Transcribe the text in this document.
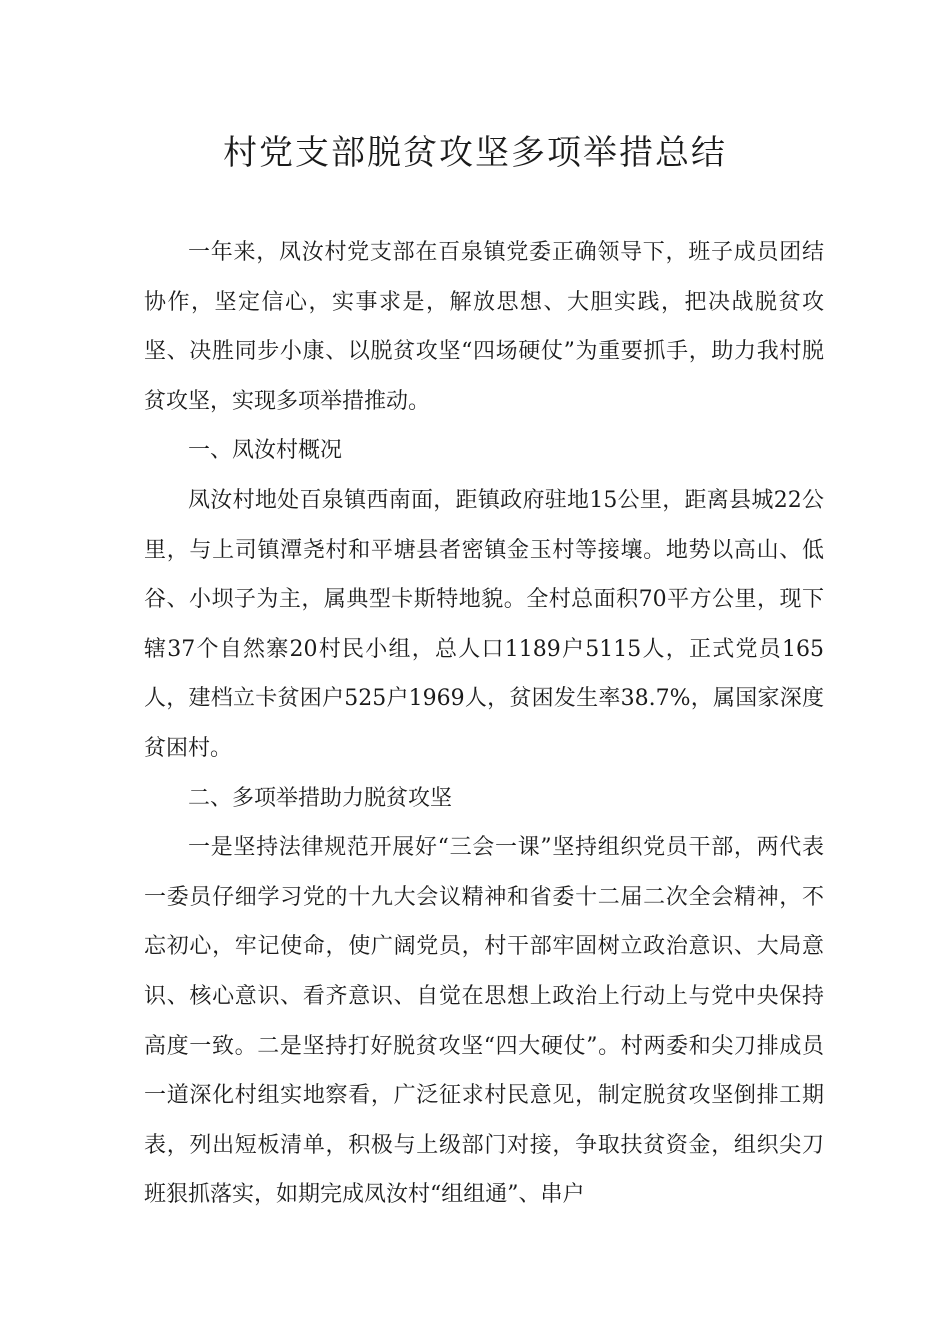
村党支部脱贫攻坚多项举措总结

一年来，凤汝村党支部在百泉镇党委正确领导下，班子成员团结协作，坚定信心，实事求是，解放思想、大胆实践，把决战脱贫攻坚、决胜同步小康、以脱贫攻坚“四场硬仗”为重要抓手，助力我村脱贫攻坚，实现多项举措推动。

一、凤汝村概况

凤汝村地处百泉镇西南面，距镇政府驻地15公里，距离县城22公里，与上司镇潭尧村和平塘县者密镇金玉村等接壤。地势以高山、低谷、小坝子为主，属典型卡斯特地貌。全村总面积70平方公里，现下辖37个自然寨20村民小组，总人口1189户5115人，正式党员165人，建档立卡贫困户525户1969人，贫困发生率38.7%，属国家深度贫困村。

二、多项举措助力脱贫攻坚

一是坚持法律规范开展好“三会一课”坚持组织党员干部，两代表一委员仔细学习党的十九大会议精神和省委十二届二次全会精神，不忘初心，牢记使命，使广阔党员，村干部牢固树立政治意识、大局意识、核心意识、看齐意识、自觉在思想上政治上行动上与党中央保持高度一致。二是坚持打好脱贫攻坚“四大硬仗”。村两委和尖刀排成员一道深化村组实地察看，广泛征求村民意见，制定脱贫攻坚倒排工期表，列出短板清单，积极与上级部门对接，争取扶贫资金，组织尖刀班狠抓落实，如期完成凤汝村“组组通”、串户
